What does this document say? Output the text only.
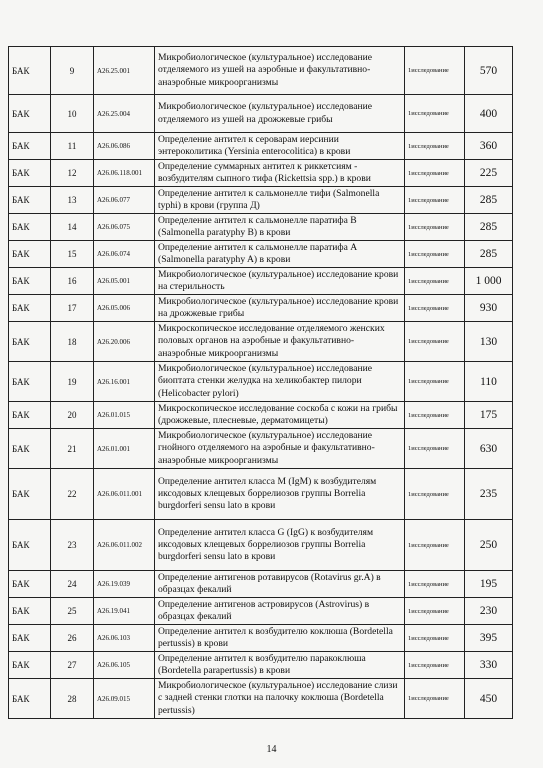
БАК	9	A26.25.001	Микробиологическое (культуральное) исследование отделяемого из ушей на аэробные и факультативно-анаэробные микроорганизмы	1исследование	570
БАК	10	A26.25.004	Микробиологическое (культуральное) исследование отделяемого из ушей на дрожжевые грибы	1исследование	400
БАК	11	A26.06.086	Определение антител к сероварам иерсинии энтероколитика (Yersinia enterocolitica) в крови	1исследование	360
БАК	12	A26.06.118.001	Определение суммарных антител к риккетсиям - возбудителям сыпного тифа (Rickettsia spp.) в крови	1исследование	225
БАК	13	A26.06.077	Определение антител к сальмонелле тифи (Salmonella typhi) в крови (группа Д)	1исследование	285
БАК	14	A26.06.075	Определение антител к сальмонелле паратифа В (Salmonella paratyphy B) в крови	1исследование	285
БАК	15	A26.06.074	Определение антител к сальмонелле паратифа А (Salmonella paratyphy A) в крови	1исследование	285
БАК	16	A26.05.001	Микробиологическое (культуральное) исследование крови на стерильность	1исследование	1 000
БАК	17	A26.05.006	Микробиологическое (культуральное) исследование крови на дрожжевые грибы	1исследование	930
БАК	18	A26.20.006	Микроскопическое исследование отделяемого женских половых органов на аэробные и факультативно-анаэробные микроорганизмы	1исследование	130
БАК	19	A26.16.001	Микробиологическое (культуральное) исследование биоптата стенки желудка на хеликобактер пилори (Helicobacter pylori)	1исследование	110
БАК	20	A26.01.015	Микроскопическое исследование соскоба с кожи на грибы (дрожжевые, плесневые, дерматомицеты)	1исследование	175
БАК	21	A26.01.001	Микробиологическое (культуральное) исследование гнойного отделяемого на аэробные и факультативно-анаэробные микроорганизмы	1исследование	630
БАК	22	A26.06.011.001	Определение антител класса M (IgM) к возбудителям иксодовых клещевых боррелиозов группы Borrelia burgdorferi sensu lato в крови	1исследование	235
БАК	23	A26.06.011.002	Определение антител класса G (IgG) к возбудителям иксодовых клещевых боррелиозов группы Borrelia burgdorferi sensu lato в крови	1исследование	250
БАК	24	A26.19.039	Определение антигенов ротавирусов (Rotavirus gr.A) в образцах фекалий	1исследование	195
БАК	25	A26.19.041	Определение антигенов астровирусов (Astrovirus) в образцах фекалий	1исследование	230
БАК	26	A26.06.103	Определение антител к возбудителю коклюша (Bordetella pertussis) в крови	1исследование	395
БАК	27	A26.06.105	Определение антител к возбудителю паракоклюша (Bordetella parapertussis) в крови	1исследование	330
БАК	28	A26.09.015	Микробиологическое (культуральное) исследование слизи с задней стенки глотки на палочку коклюша (Bordetella pertussis)	1исследование	450
14
